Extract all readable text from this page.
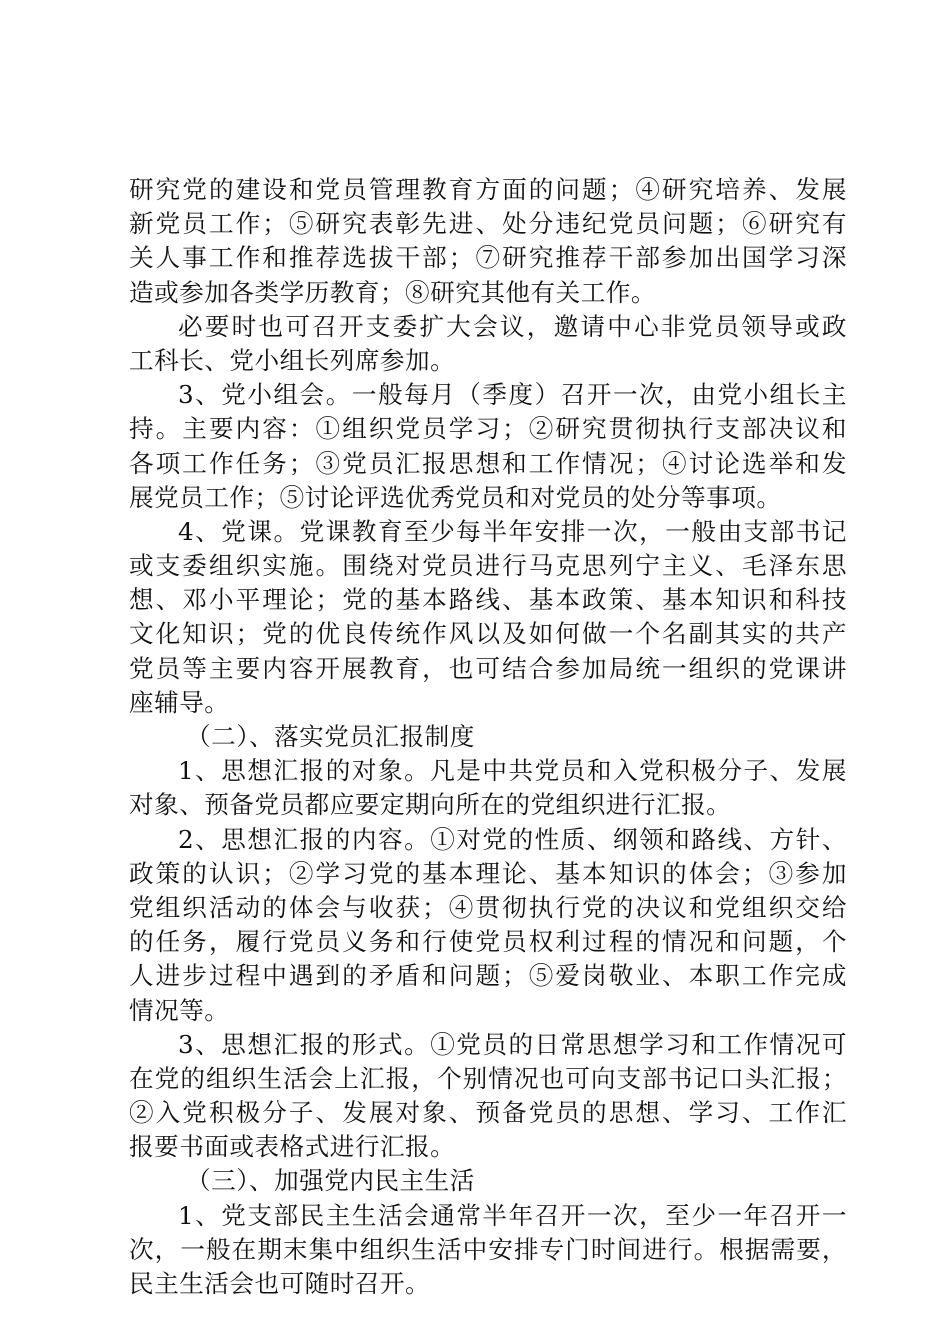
研究党的建设和党员管理教育方面的问题；④研究培养、发展
新党员工作；⑤研究表彰先进、处分违纪党员问题；⑥研究有
关人事工作和推荐选拔干部；⑦研究推荐干部参加出国学习深
造或参加各类学历教育；⑧研究其他有关工作。
必要时也可召开支委扩大会议，邀请中心非党员领导或政
工科长、党小组长列席参加。
3、党小组会。一般每月（季度）召开一次，由党小组长主
持。主要内容：①组织党员学习；②研究贯彻执行支部决议和
各项工作任务；③党员汇报思想和工作情况；④讨论选举和发
展党员工作；⑤讨论评选优秀党员和对党员的处分等事项。
4、党课。党课教育至少每半年安排一次，一般由支部书记
或支委组织实施。围绕对党员进行马克思列宁主义、毛泽东思
想、邓小平理论；党的基本路线、基本政策、基本知识和科技
文化知识；党的优良传统作风以及如何做一个名副其实的共产
党员等主要内容开展教育，也可结合参加局统一组织的党课讲
座辅导。
（二）、落实党员汇报制度
1、思想汇报的对象。凡是中共党员和入党积极分子、发展
对象、预备党员都应要定期向所在的党组织进行汇报。
2、思想汇报的内容。①对党的性质、纲领和路线、方针、
政策的认识；②学习党的基本理论、基本知识的体会；③参加
党组织活动的体会与收获；④贯彻执行党的决议和党组织交给
的任务，履行党员义务和行使党员权利过程的情况和问题，个
人进步过程中遇到的矛盾和问题；⑤爱岗敬业、本职工作完成
情况等。
3、思想汇报的形式。①党员的日常思想学习和工作情况可
在党的组织生活会上汇报，个别情况也可向支部书记口头汇报；
②入党积极分子、发展对象、预备党员的思想、学习、工作汇
报要书面或表格式进行汇报。
（三）、加强党内民主生活
1、党支部民主生活会通常半年召开一次，至少一年召开一
次，一般在期末集中组织生活中安排专门时间进行。根据需要，
民主生活会也可随时召开。
